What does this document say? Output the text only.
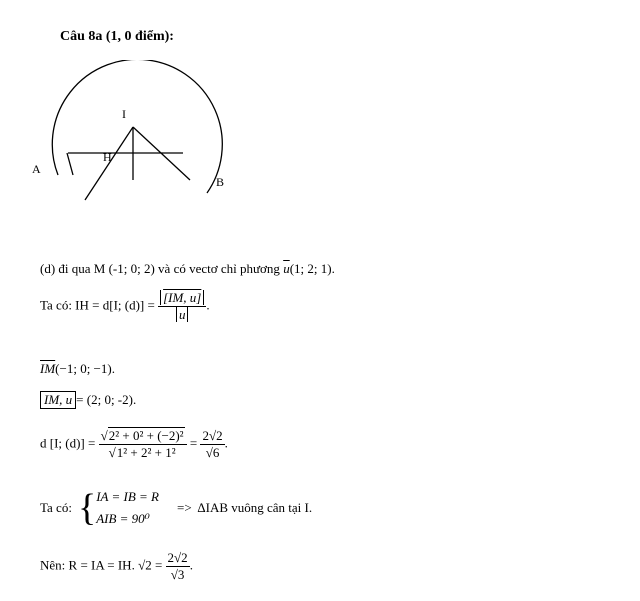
Câu 8a (1, 0 điểm):
I
H
A
B
(d) đi qua M (-1; 0; 2) và có vectơ chỉ phương $\overline{u}(1$; 2; 1).
Ta có: IH = d[I; $(d)] = \frac{[IM, u]}{u}$ .
$\overline{IM}(-1$; 0; −1).
IM, u = (2; 0; -2).
d [I; $(d)] = \frac{\text{√2² + 0² + (−2)²}}{\text{√1² + 2² + 1²}} = \frac{2√2}{√6}$ .
Ta có: { IA = IB = R
AIB = 90⁰
=> ∆IAB vuông cân tại I.
Nên: R = IA = IH. $√2 = \frac{2√2}{√3}$ .
